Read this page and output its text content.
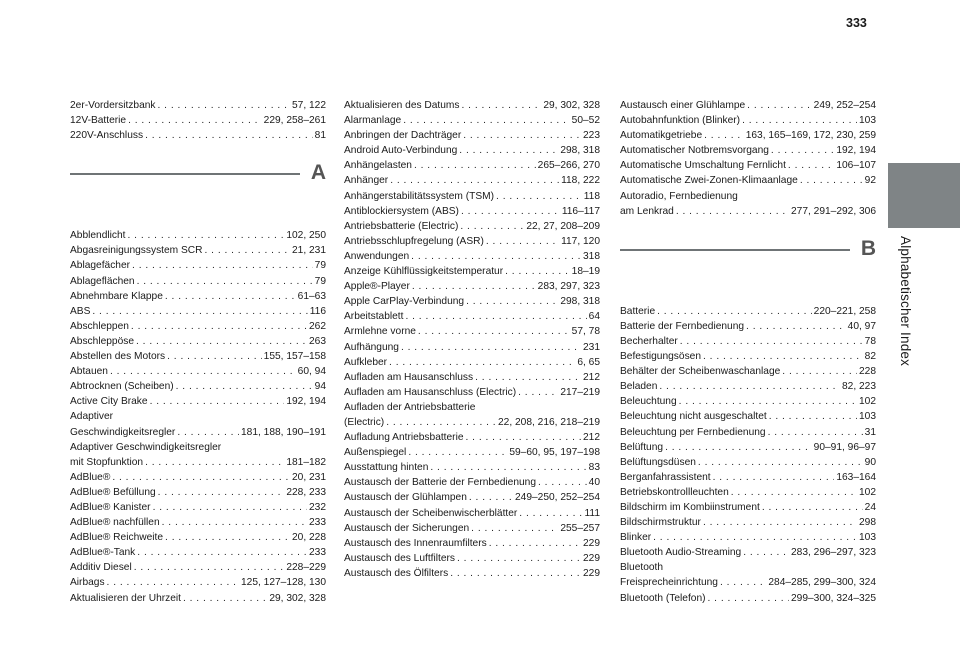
333
Alphabetischer Index
2er-Vordersitzbank . . .	57, 122
12V-Batterie . . .	229, 258–261
220V-Anschluss . . .	81
A
Abblendlicht . . .	102, 250
Abgasreinigungssystem SCR . . .	21, 231
Ablagefächer . . .	79
Ablageflächen . . .	79
Abnehmbare Klappe . . .	61–63
ABS . . .	116
Abschleppen . . .	262
Abschleppöse . . .	263
Abstellen des Motors . . .	155, 157–158
Abtauen . . .	60, 94
Abtrocknen (Scheiben) . . .	94
Active City Brake . . .	192, 194
Adaptiver
Geschwindigkeitsregler . . .	181, 188, 190–191
Adaptiver Geschwindigkeitsregler
mit Stopfunktion . . .	181–182
AdBlue® . . .	20, 231
AdBlue® Befüllung . . .	228, 233
AdBlue® Kanister . . .	232
AdBlue® nachfüllen . . .	233
AdBlue® Reichweite . . .	20, 228
AdBlue®-Tank . . .	233
Additiv Diesel . . .	228–229
Airbags . . .	125, 127–128, 130
Aktualisieren der Uhrzeit . . .	29, 302, 328
Aktualisieren des Datums . . .	29, 302, 328
Alarmanlage . . .	50–52
Anbringen der Dachträger . . .	223
Android Auto-Verbindung . . .	298, 318
Anhängelasten . . .	265–266, 270
Anhänger . . .	118, 222
Anhängerstabilitätssystem (TSM) . . .	118
Antiblockiersystem (ABS) . . .	116–117
Antriebsbatterie (Electric) . . .	22, 27, 208–209
Antriebsschlupfregelung (ASR) . . .	117, 120
Anwendungen . . .	318
Anzeige Kühlflüssigkeitstemperatur . . .	18–19
Apple®-Player . . .	283, 297, 323
Apple CarPlay-Verbindung . . .	298, 318
Arbeitstablett . . .	64
Armlehne vorne . . .	57, 78
Aufhängung . . .	231
Aufkleber . . .	6, 65
Aufladen am Hausanschluss . . .	212
Aufladen am Hausanschluss (Electric) . . .	217–219
Aufladen der Antriebsbatterie
(Electric) . . .	22, 208, 216, 218–219
Aufladung Antriebsbatterie . . .	212
Außenspiegel . . .	59–60, 95, 197–198
Ausstattung hinten . . .	83
Austausch der Batterie der Fernbedienung . . .	40
Austausch der Glühlampen . . .	249–250, 252–254
Austausch der Scheibenwischerblätter . . .	111
Austausch der Sicherungen . . .	255–257
Austausch des Innenraumfilters . . .	229
Austausch des Luftfilters . . .	229
Austausch des Ölfilters . . .	229
Austausch einer Glühlampe . . .	249, 252–254
Autobahnfunktion (Blinker) . . .	103
Automatikgetriebe . . .	163, 165–169, 172, 230, 259
Automatischer Notbremsvorgang . . .	192, 194
Automatische Umschaltung Fernlicht . . .	106–107
Automatische Zwei-Zonen-Klimaanlage . . .	92
Autoradio, Fernbedienung
am Lenkrad . . .	277, 291–292, 306
B
Batterie . . .	220–221, 258
Batterie der Fernbedienung . . .	40, 97
Becherhalter . . .	78
Befestigungsösen . . .	82
Behälter der Scheibenwaschanlage . . .	228
Beladen . . .	82, 223
Beleuchtung . . .	102
Beleuchtung nicht ausgeschaltet . . .	103
Beleuchtung per Fernbedienung . . .	31
Belüftung . . .	90–91, 96–97
Belüftungsdüsen . . .	90
Berganfahrassistent . . .	163–164
Betriebskontrollleuchten . . .	102
Bildschirm im Kombiinstrument . . .	24
Bildschirmstruktur . . .	298
Blinker . . .	103
Bluetooth Audio-Streaming . . .	283, 296–297, 323
Bluetooth
Freisprecheinrichtung . . .	284–285, 299–300, 324
Bluetooth (Telefon) . . .	299–300, 324–325
